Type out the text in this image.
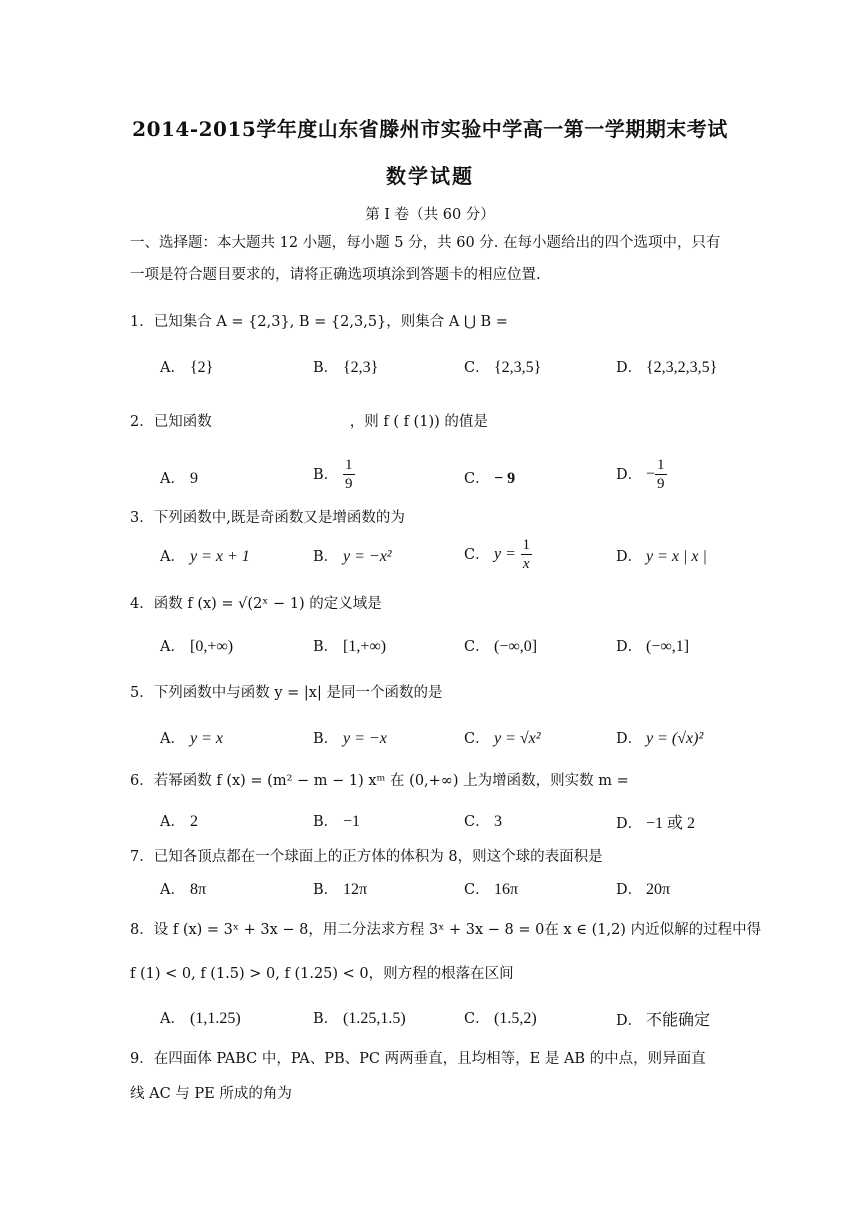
2014-2015学年度山东省滕州市实验中学高一第一学期期末考试
数学试题
第 I 卷（共 60 分）
一、选择题：本大题共 12 小题，每小题 5 分，共 60 分. 在每小题给出的四个选项中，只有
一项是符合题目要求的，请将正确选项填涂到答题卡的相应位置.
1．已知集合 A = {2,3}, B = {2,3,5}，则集合 A ⋃ B =
A． {2}	B． {2,3}	C． {2,3,5}	D． {2,3,2,3,5}
2．已知函数	，则 f ( f (1)) 的值是
A． 9	B． $\frac{1}{9}$	C． − 9	D． − $\frac{1}{9}$
3．下列函数中,既是奇函数又是增函数的为
A． y = x + 1	B． y = −x²	C． $y = \frac{1}{x}$	D． y = x | x |
4．函数 f (x) = √(2ˣ − 1) 的定义域是
A． [0,+∞)	B． [1,+∞)	C． (−∞,0]	D． (−∞,1]
5．下列函数中与函数 y = |x| 是同一个函数的是
A． y = x	B． y = −x	C． y = √x²	D． y = (√x)²
6．若幂函数 f (x) = (m² − m − 1) xᵐ 在 (0,+∞) 上为增函数，则实数 m =
A． 2	B． −1	C． 3	D． −1 或 2
7．已知各顶点都在一个球面上的正方体的体积为 8，则这个球的表面积是
A． 8π	B． 12π	C． 16π	D． 20π
8．设 f (x) = 3ˣ + 3x − 8，用二分法求方程 3ˣ + 3x − 8 = 0在 x ∈ (1,2) 内近似解的过程中得
f (1) < 0, f (1.5) > 0, f (1.25) < 0，则方程的根落在区间
A． (1,1.25)	B． (1.25,1.5)	C． (1.5,2)	D． 不能确定
9．在四面体 PABC 中，PA、PB、PC 两两垂直，且均相等，E 是 AB 的中点，则异面直
线 AC 与 PE 所成的角为
